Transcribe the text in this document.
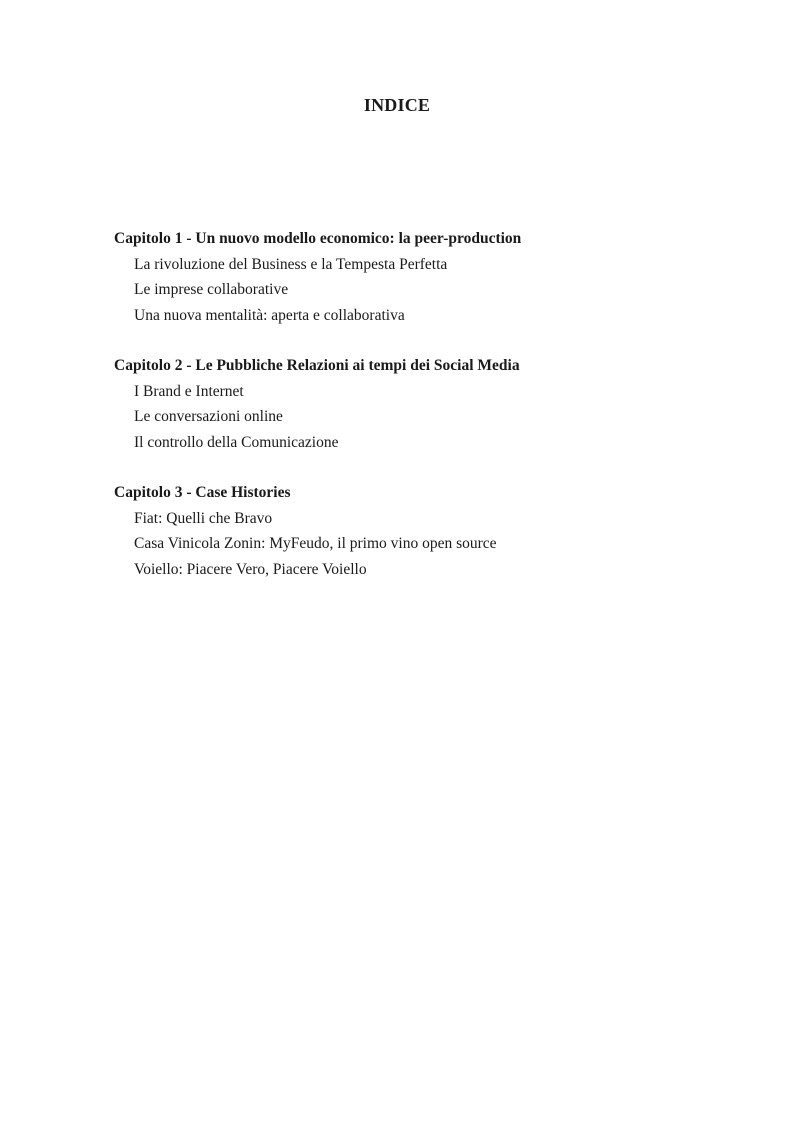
INDICE
Capitolo 1 - Un nuovo modello economico: la peer-production
La rivoluzione del Business e la Tempesta Perfetta
Le imprese collaborative
Una nuova mentalità: aperta e collaborativa
Capitolo 2 - Le Pubbliche Relazioni ai tempi dei Social Media
I Brand e Internet
Le conversazioni online
Il controllo della Comunicazione
Capitolo 3 - Case Histories
Fiat: Quelli che Bravo
Casa Vinicola Zonin: MyFeudo, il primo vino open source
Voiello: Piacere Vero, Piacere Voiello
